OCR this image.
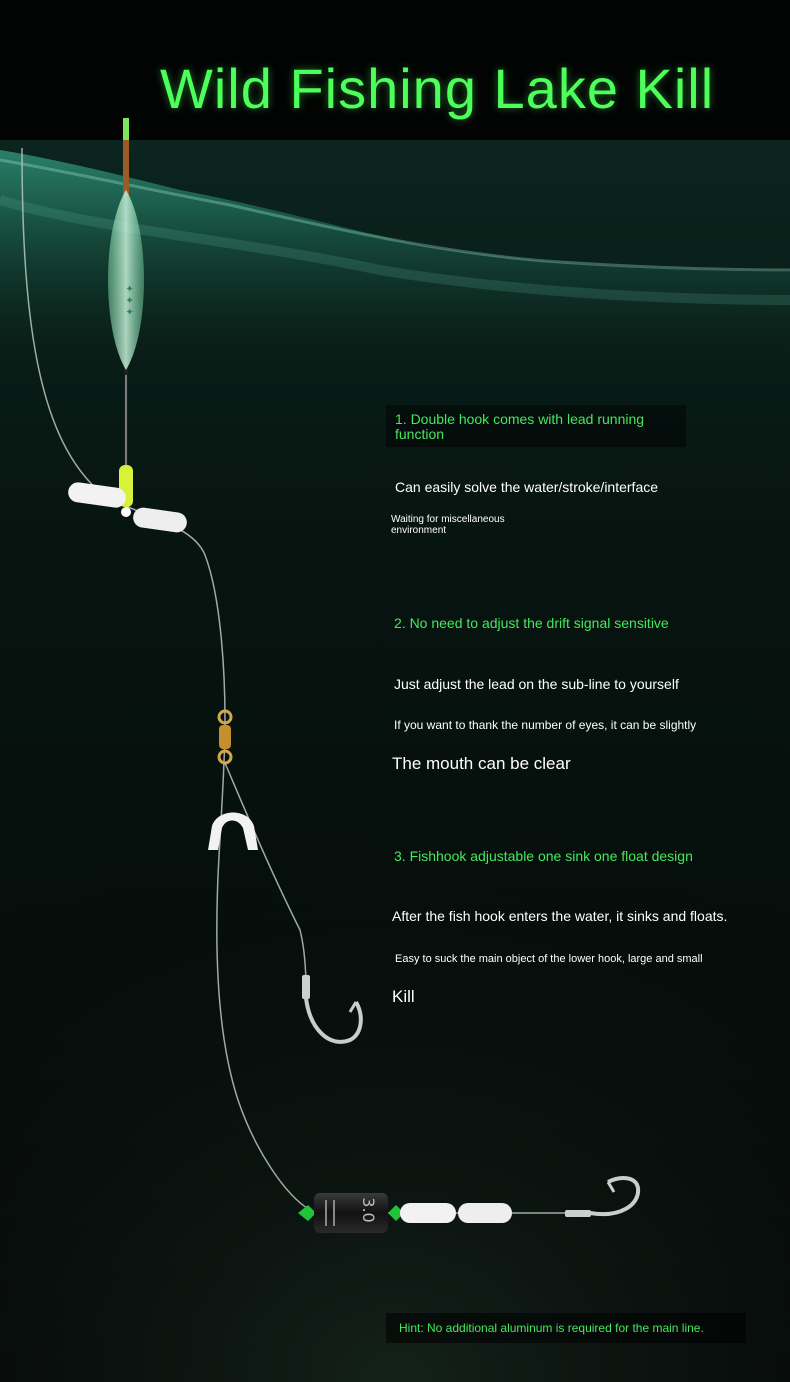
✦ ✦ ✦
3.0
Wild Fishing Lake Kill
1. Double hook comes with lead running function
Can easily solve the water/stroke/interface
Waiting for miscellaneous environment
2. No need to adjust the drift signal sensitive
Just adjust the lead on the sub-line to yourself
If you want to thank the number of eyes, it can be slightly
The mouth can be clear
3. Fishhook adjustable one sink one float design
After the fish hook enters the water, it sinks and floats.
Easy to suck the main object of the lower hook, large and small
Kill
Hint: No additional aluminum is required for the main line.
